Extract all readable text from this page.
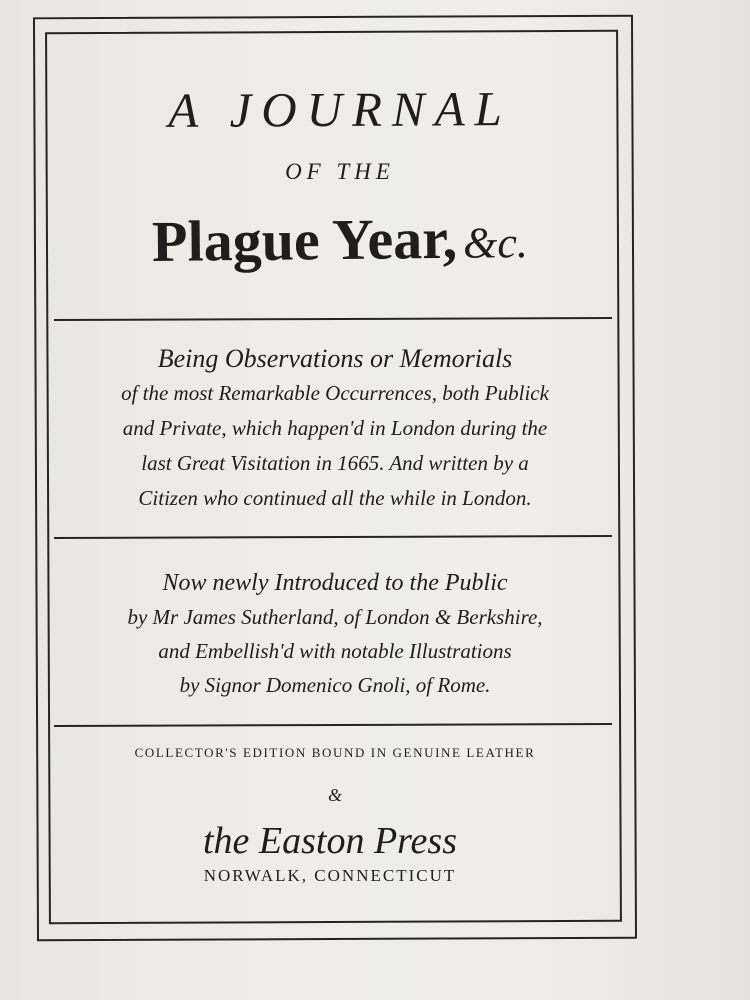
A JOURNAL
OF THE
Plague Year, &c.

Being Observations or Memorials
of the most Remarkable Occurrences, both Publick
and Private, which happen'd in London during the
last Great Visitation in 1665. And written by a
Citizen who continued all the while in London.

Now newly Introduced to the Public
by Mr James Sutherland, of London & Berkshire,
and Embellish'd with notable Illustrations
by Signor Domenico Gnoli, of Rome.

COLLECTOR'S EDITION BOUND IN GENUINE LEATHER
&
the Easton Press
NORWALK, CONNECTICUT
